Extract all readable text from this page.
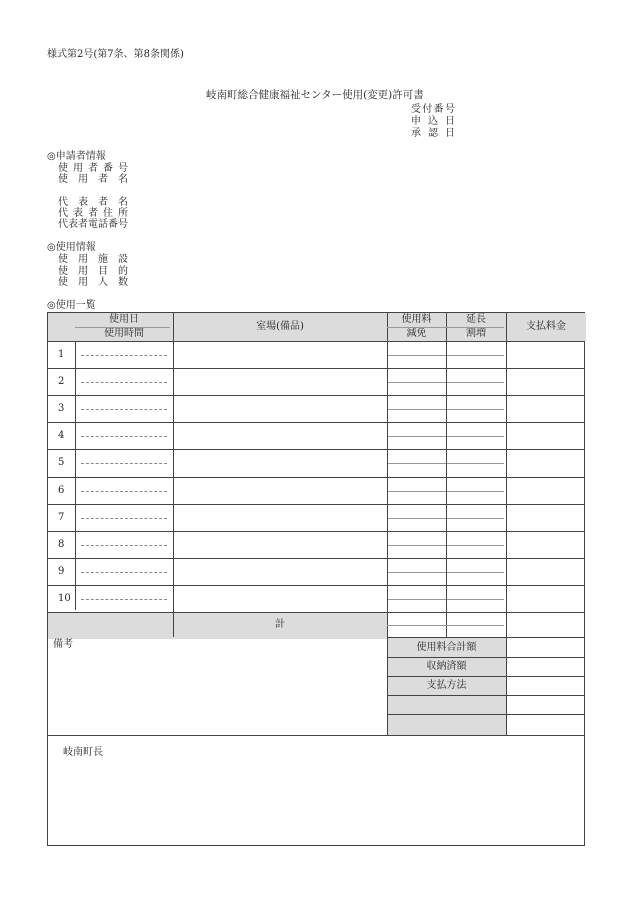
様式第2号(第7条、第8条関係)
岐南町総合健康福祉センター使用(変更)許可書
受付番号
申 込 日
承 認 日
◎申請者情報
使用者番号
使用者名
代表者名
代表者住所
代表者電話番号
◎使用情報
使用施設
使用目的
使用人数
◎使用一覧
使用日
使用時間
室場(備品)
使用料
減免
延長
割増
支払料金
計
1
2
3
4
5
6
7
8
9
10
備考	使用料合計額
収納済額
支払方法
岐南町長
